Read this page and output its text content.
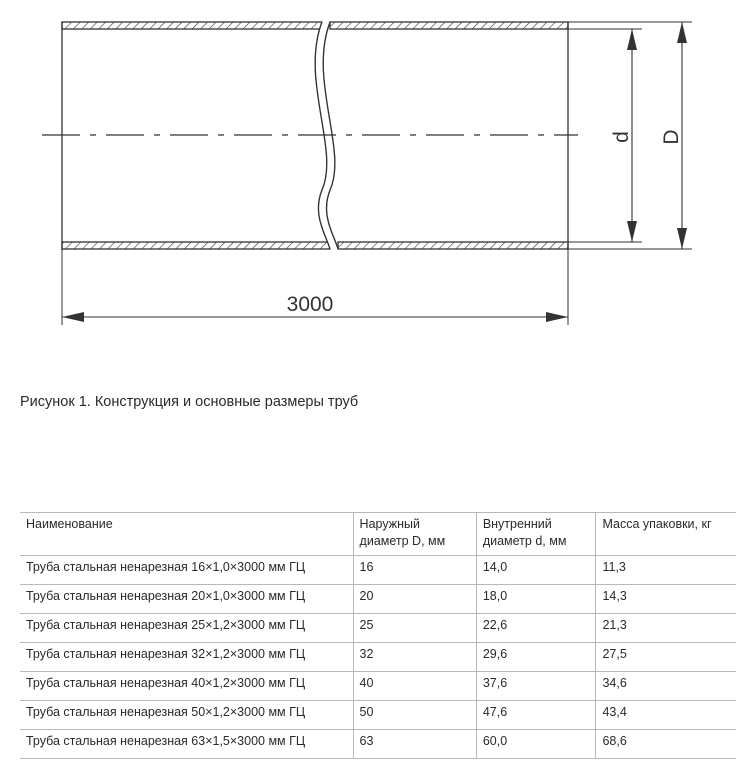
d D
3000
Рисунок 1. Конструкция и основные размеры труб
Наименование	Наружный диаметр D, мм	Внутренний диаметр d, мм	Масса упаковки, кг
Труба стальная ненарезная 16×1,0×3000 мм ГЦ	16	14,0	11,3
Труба стальная ненарезная 20×1,0×3000 мм ГЦ	20	18,0	14,3
Труба стальная ненарезная 25×1,2×3000 мм ГЦ	25	22,6	21,3
Труба стальная ненарезная 32×1,2×3000 мм ГЦ	32	29,6	27,5
Труба стальная ненарезная 40×1,2×3000 мм ГЦ	40	37,6	34,6
Труба стальная ненарезная 50×1,2×3000 мм ГЦ	50	47,6	43,4
Труба стальная ненарезная 63×1,5×3000 мм ГЦ	63	60,0	68,6
